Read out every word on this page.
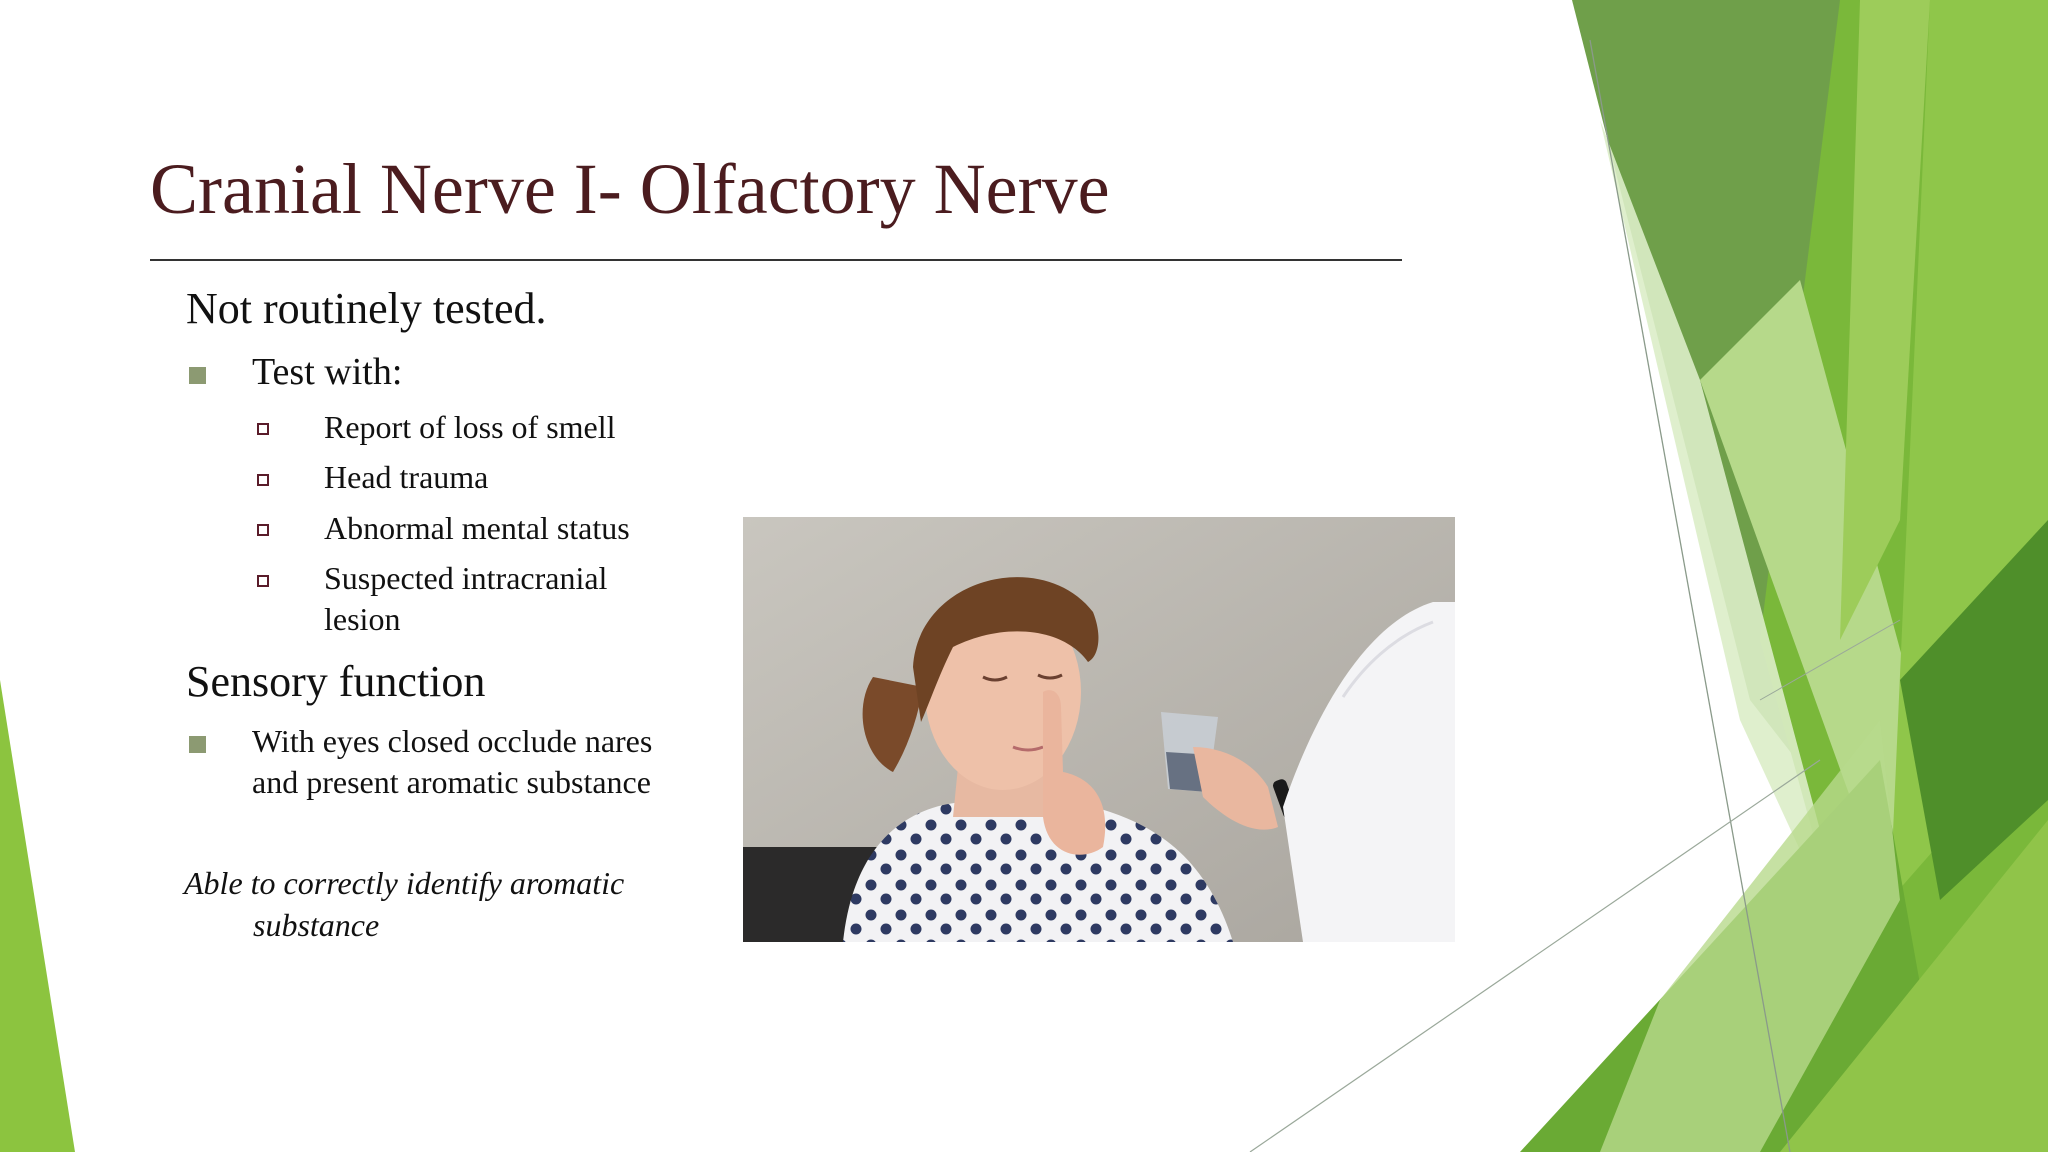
Cranial Nerve I- Olfactory Nerve
Not routinely tested.
Test with:
Report of loss of smell
Head trauma
Abnormal mental status
Suspected intracranial
lesion
Sensory function
With eyes closed occlude nares
and present aromatic substance
Able to correctly identify aromatic
substance
